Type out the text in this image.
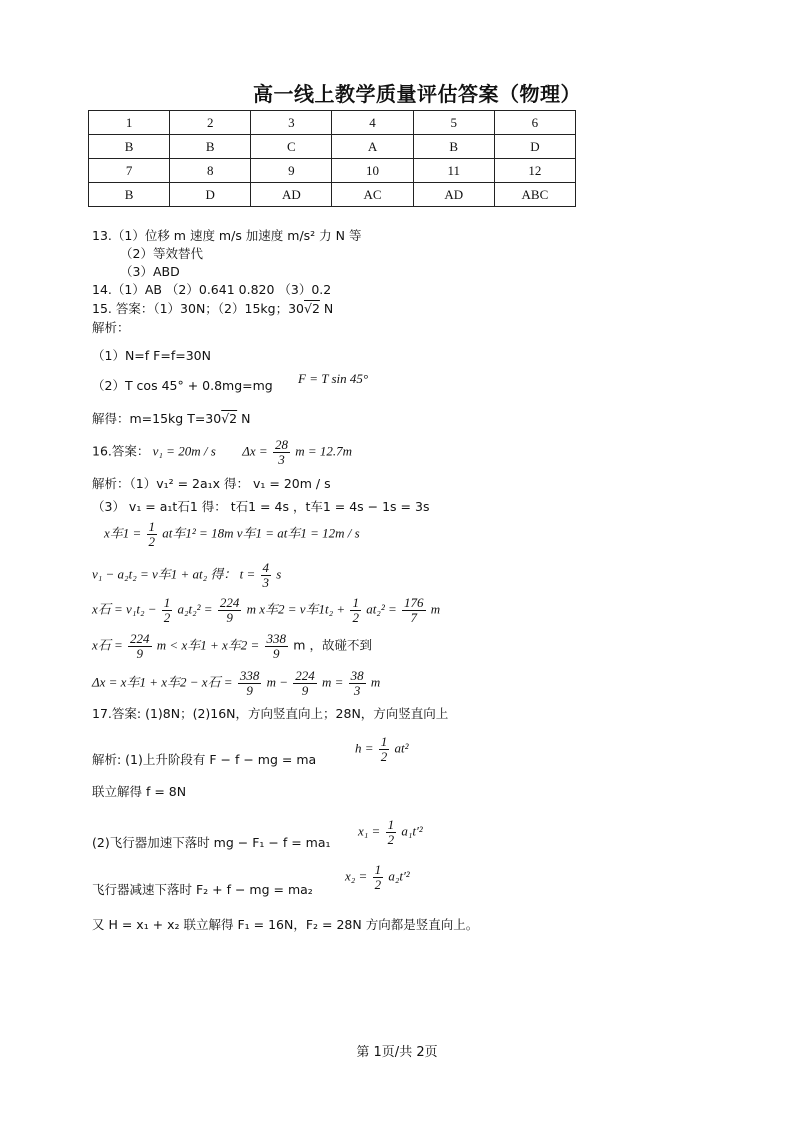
高一线上教学质量评估答案（物理）
1	2	3	4	5	6
B	B	C	A	B	D
7	8	9	10	11	12
B	D	AD	AC	AD	ABC
13.（1）位移 m 速度 m/s 加速度 m/s² 力 N 等
（2）等效替代
（3）ABD
14.（1）AB （2）0.641 0.820 （3）0.2
15. 答案：（1）30N；（2）15kg；30√2 N
解析：
（1）N=f F=f=30N
（2）T cos 45° + 0.8mg=mg F = T sin 45°
解得：m=15kg T=30√2 N
16.答案： v₁ = 20m / s $\Delta x = \frac{28}{3}$ m = 12.7m
解析：（1）v₁² = 2a₁x 得： v₁ = 20m / s
（3） v₁ = a₁t石1 得： t石1 = 4s ，t车1 = 4s − 1s = 3s
x车$1 = \frac{1}{2}$ at车1² = 18m v车1 = at车1 = 12m / s
v₁ − a₂t₂ = v车1 + at₂ 得： $t = \frac{4}{3}$ s
x石 = $v_1t_2 - \frac{1}{2} a_2t_2^2 = \frac{224}{9}$ m x车2 = v车$1t_2 + \frac{1}{2} at_2^2 = \frac{176}{7}$ m
x石 = $\frac{224}{9}$ m < x车1 + x车$2 = \frac{338}{9}$ m ，故碰不到
Δx = x车1 + x车2 − x石 = $\frac{338}{9}$ $m - \frac{224}{9}$ $m = \frac{38}{3}$ m
17.答案: (1)8N；(2)16N，方向竖直向上；28N，方向竖直向上
解析: (1)上升阶段有 F − f − mg = ma
$h = \frac{1}{2} at^2$
联立解得 f = 8N
(2)飞行器加速下落时 mg − F₁ − f = ma₁
$x_1 = \frac{1}{2} a_1t'^2$
飞行器减速下落时 F₂ + f − mg = ma₂
$x_2 = \frac{1}{2} a_2t'^2$
又 H = x₁ + x₂ 联立解得 F₁ = 16N，F₂ = 28N 方向都是竖直向上。
第 1页/共 2页
